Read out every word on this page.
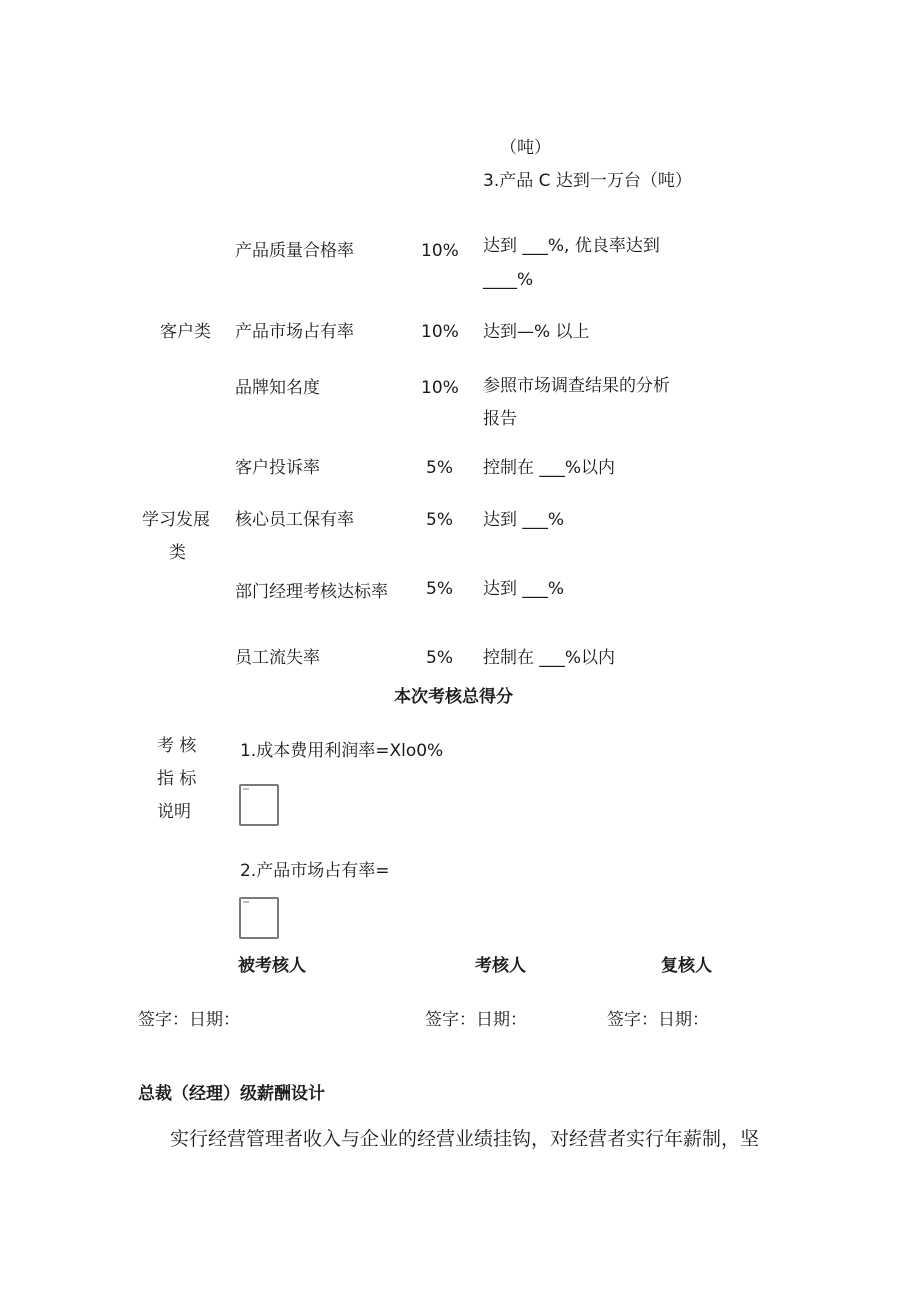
（吨）
3.产品 C 达到一万台（吨）
产品质量合格率	10% 达到 ___%, 优良率达到
____%
客户类 产品市场占有率	10% 达到—% 以上
品牌知名度	10% 参照市场调查结果的分析
报告
客户投诉率	5% 控制在 ___%以内
学习发展
类
核心员工保有率	5% 达到 ___%
部门经理考核达标率 5% 达到 ___%
员工流失率	5% 控制在 ___%以内
本次考核总得分
考 核
指 标
说明
1.成本费用利润率=Xlo0%
2.产品市场占有率=
被考核人	考核人	复核人
签字：日期：	签字：日期：	签字：日期：
总裁（经理）级薪酬设计
实行经营管理者收入与企业的经营业绩挂钩，对经营者实行年薪制，坚
